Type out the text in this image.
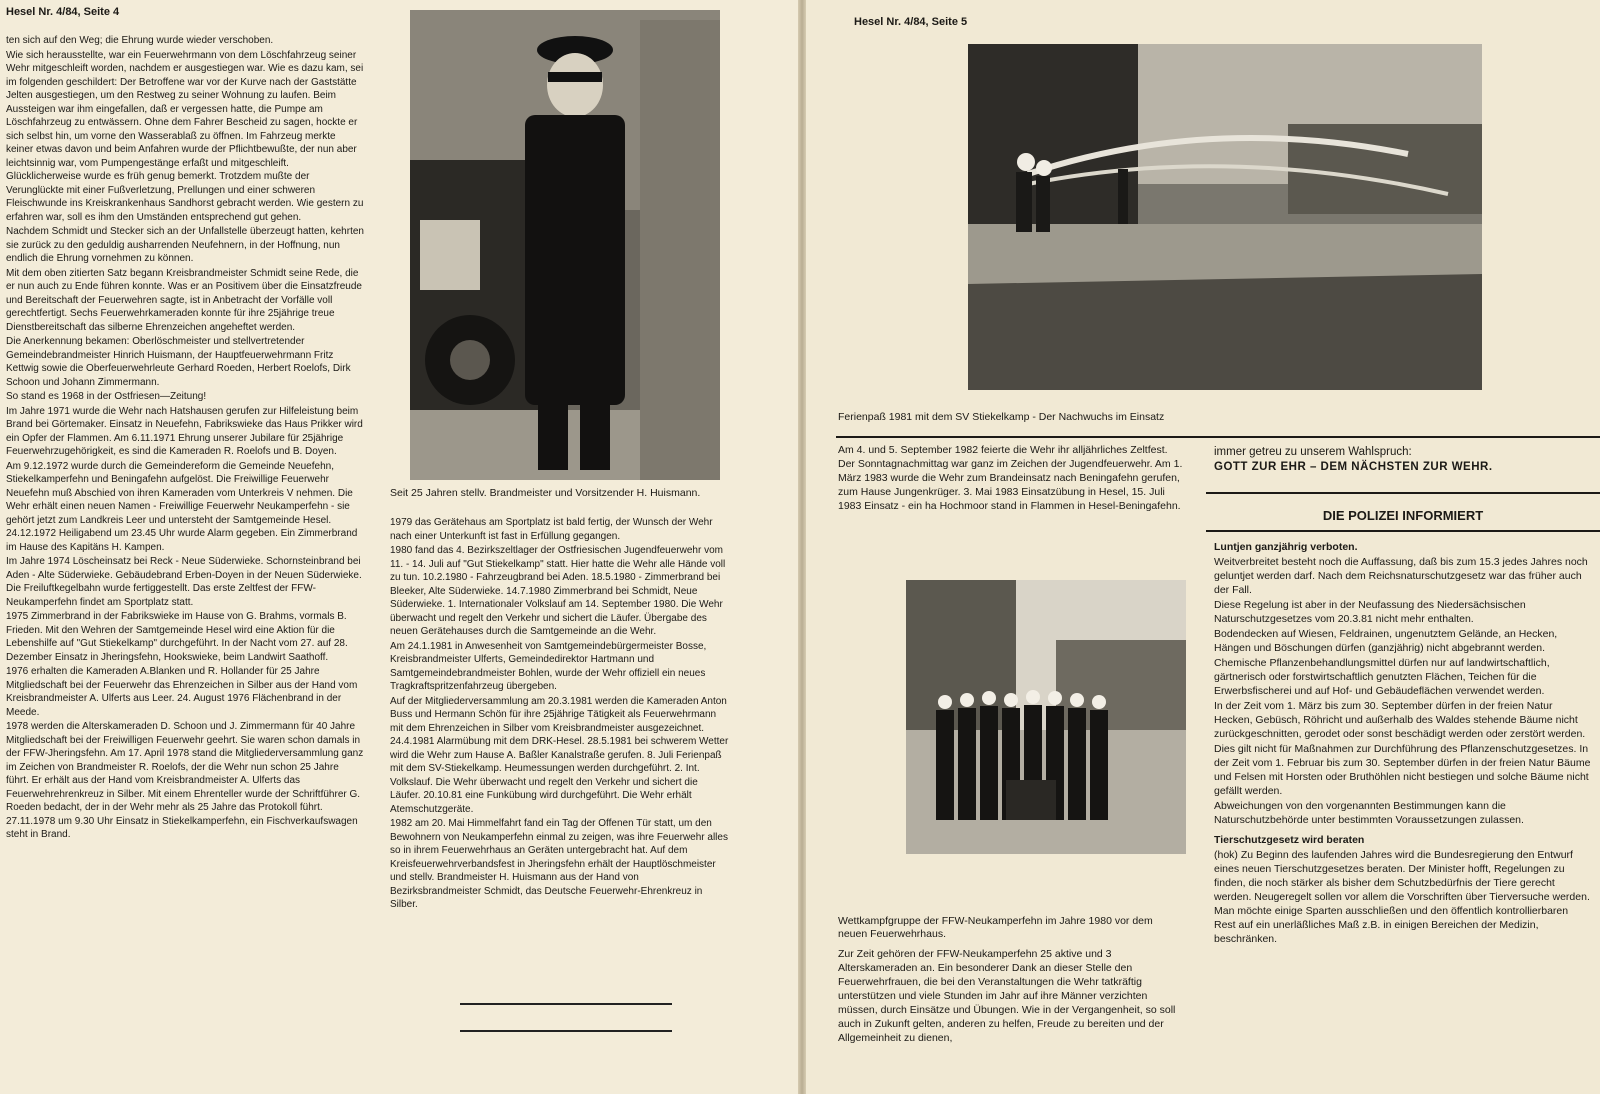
Hesel Nr. 4/84, Seite 4

ten sich auf den Weg; die Ehrung wurde wieder verschoben.

Wie sich herausstellte, war ein Feuerwehrmann von dem Löschfahrzeug seiner Wehr mitgeschleift worden, nachdem er ausgestiegen war. Wie es dazu kam, sei im folgenden geschildert: Der Betroffene war vor der Kurve nach der Gaststätte Jelten ausgestiegen, um den Restweg zu seiner Wohnung zu laufen. Beim Aussteigen war ihm eingefallen, daß er vergessen hatte, die Pumpe am Löschfahrzeug zu entwässern. Ohne dem Fahrer Bescheid zu sagen, hockte er sich selbst hin, um vorne den Wasserablaß zu öffnen. Im Fahrzeug merkte keiner etwas davon und beim Anfahren wurde der Pflichtbewußte, der nun aber leichtsinnig war, vom Pumpengestänge erfaßt und mitgeschleift. Glücklicherweise wurde es früh genug bemerkt. Trotzdem mußte der Verunglückte mit einer Fußverletzung, Prellungen und einer schweren Fleischwunde ins Kreiskrankenhaus Sandhorst gebracht werden. Wie gestern zu erfahren war, soll es ihm den Umständen entsprechend gut gehen.

Nachdem Schmidt und Stecker sich an der Unfallstelle überzeugt hatten, kehrten sie zurück zu den geduldig ausharrenden Neufehnern, in der Hoffnung, nun endlich die Ehrung vornehmen zu können.

Mit dem oben zitierten Satz begann Kreisbrandmeister Schmidt seine Rede, die er nun auch zu Ende führen konnte. Was er an Positivem über die Einsatzfreude und Bereitschaft der Feuerwehren sagte, ist in Anbetracht der Vorfälle voll gerechtfertigt. Sechs Feuerwehrkameraden konnte für ihre 25jährige treue Dienstbereitschaft das silberne Ehrenzeichen angeheftet werden.

Die Anerkennung bekamen: Oberlöschmeister und stellvertretender Gemeindebrandmeister Hinrich Huismann, der Hauptfeuerwehrmann Fritz Kettwig sowie die Oberfeuerwehrleute Gerhard Roeden, Herbert Roelofs, Dirk Schoon und Johann Zimmermann.

So stand es 1968 in der Ostfriesen—Zeitung!

Im Jahre 1971 wurde die Wehr nach Hatshausen gerufen zur Hilfeleistung beim Brand bei Görtemaker. Einsatz in Neuefehn, Fabrikswieke das Haus Prikker wird ein Opfer der Flammen. Am 6.11.1971 Ehrung unserer Jubilare für 25jährige Feuerwehrzugehörigkeit, es sind die Kameraden R. Roelofs und B. Doyen.

Am 9.12.1972 wurde durch die Gemeindereform die Gemeinde Neuefehn, Stiekelkamperfehn und Beningafehn aufgelöst. Die Freiwillige Feuerwehr Neuefehn muß Abschied von ihren Kameraden vom Unterkreis V nehmen. Die Wehr erhält einen neuen Namen - Freiwillige Feuerwehr Neukamperfehn - sie gehört jetzt zum Landkreis Leer und untersteht der Samtgemeinde Hesel. 24.12.1972 Heiligabend um 23.45 Uhr wurde Alarm gegeben. Ein Zimmerbrand im Hause des Kapitäns H. Kampen.

Im Jahre 1974 Löscheinsatz bei Reck - Neue Süderwieke. Schornsteinbrand bei Aden - Alte Süderwieke. Gebäudebrand Erben-Doyen in der Neuen Süderwieke. Die Freiluftkegelbahn wurde fertiggestellt. Das erste Zeltfest der FFW-Neukamperfehn findet am Sportplatz statt.

1975 Zimmerbrand in der Fabrikswieke im Hause von G. Brahms, vormals B. Frieden. Mit den Wehren der Samtgemeinde Hesel wird eine Aktion für die Lebenshilfe auf "Gut Stiekelkamp" durchgeführt. In der Nacht vom 27. auf 28. Dezember Einsatz in Jheringsfehn, Hookswieke, beim Landwirt Saathoff.

1976 erhalten die Kameraden A.Blanken und R. Hollander für 25 Jahre Mitgliedschaft bei der Feuerwehr das Ehrenzeichen in Silber aus der Hand vom Kreisbrandmeister A. Ulferts aus Leer. 24. August 1976 Flächenbrand in der Meede.

1978 werden die Alterskameraden D. Schoon und J. Zimmermann für 40 Jahre Mitgliedschaft bei der Freiwilligen Feuerwehr geehrt. Sie waren schon damals in der FFW-Jheringsfehn. Am 17. April 1978 stand die Mitgliederversammlung ganz im Zeichen von Brandmeister R. Roelofs, der die Wehr nun schon 25 Jahre führt. Er erhält aus der Hand vom Kreisbrandmeister A. Ulferts das Feuerwehrehrenkreuz in Silber. Mit einem Ehrenteller wurde der Schriftführer G. Roeden bedacht, der in der Wehr mehr als 25 Jahre das Protokoll führt. 27.11.1978 um 9.30 Uhr Einsatz in Stiekelkamperfehn, ein Fischverkaufswagen steht in Brand.

Seit 25 Jahren stellv. Brandmeister und Vorsitzender H. Huismann.

1979 das Gerätehaus am Sportplatz ist bald fertig, der Wunsch der Wehr nach einer Unterkunft ist fast in Erfüllung gegangen.

1980 fand das 4. Bezirkszeltlager der Ostfriesischen Jugendfeuerwehr vom 11. - 14. Juli auf "Gut Stiekelkamp" statt. Hier hatte die Wehr alle Hände voll zu tun. 10.2.1980 - Fahrzeugbrand bei Aden. 18.5.1980 - Zimmerbrand bei Bleeker, Alte Süderwieke. 14.7.1980 Zimmerbrand bei Schmidt, Neue Süderwieke. 1. Internationaler Volkslauf am 14. September 1980. Die Wehr überwacht und regelt den Verkehr und sichert die Läufer. Übergabe des neuen Gerätehauses durch die Samtgemeinde an die Wehr.

Am 24.1.1981 in Anwesenheit von Samtgemeindebürgermeister Bosse, Kreisbrandmeister Ulferts, Gemeindedirektor Hartmann und Samtgemeindebrandmeister Bohlen, wurde der Wehr offiziell ein neues Tragkraftspritzenfahrzeug übergeben.

Auf der Mitgliederversammlung am 20.3.1981 werden die Kameraden Anton Buss und Hermann Schön für ihre 25jährige Tätigkeit als Feuerwehrmann mit dem Ehrenzeichen in Silber vom Kreisbrandmeister ausgezeichnet. 24.4.1981 Alarmübung mit dem DRK-Hesel. 28.5.1981 bei schwerem Wetter wird die Wehr zum Hause A. Baßler Kanalstraße gerufen. 8. Juli Ferienpaß mit dem SV-Stiekelkamp. Heumessungen werden durchgeführt. 2. Int. Volkslauf. Die Wehr überwacht und regelt den Verkehr und sichert die Läufer. 20.10.81 eine Funkübung wird durchgeführt. Die Wehr erhält Atemschutzgeräte.

1982 am 20. Mai Himmelfahrt fand ein Tag der Offenen Tür statt, um den Bewohnern von Neukamperfehn einmal zu zeigen, was ihre Feuerwehr alles so in ihrem Feuerwehrhaus an Geräten untergebracht hat. Auf dem Kreisfeuerwehrverbandsfest in Jheringsfehn erhält der Hauptlöschmeister und stellv. Brandmeister H. Huismann aus der Hand von Bezirksbrandmeister Schmidt, das Deutsche Feuerwehr-Ehrenkreuz in Silber.

Hesel Nr. 4/84, Seite 5
Ferienpaß 1981 mit dem SV Stiekelkamp - Der Nachwuchs im Einsatz

Am 4. und 5. September 1982 feierte die Wehr ihr alljährliches Zeltfest. Der Sonntagnachmittag war ganz im Zeichen der Jugendfeuerwehr. Am 1. März 1983 wurde die Wehr zum Brandeinsatz nach Beningafehn gerufen, zum Hause Jungenkrüger. 3. Mai 1983 Einsatzübung in Hesel, 15. Juli 1983 Einsatz - ein ha Hochmoor stand in Flammen in Hesel-Beningafehn.

Wettkampfgruppe der FFW-Neukamperfehn im Jahre 1980 vor dem neuen Feuerwehrhaus.

Zur Zeit gehören der FFW-Neukamperfehn 25 aktive und 3 Alterskameraden an. Ein besonderer Dank an dieser Stelle den Feuerwehrfrauen, die bei den Veranstaltungen die Wehr tatkräftig unterstützen und viele Stunden im Jahr auf ihre Männer verzichten müssen, durch Einsätze und Übungen. Wie in der Vergangenheit, so soll auch in Zukunft gelten, anderen zu helfen, Freude zu bereiten und der Allgemeinheit zu dienen,

immer getreu zu unserem Wahlspruch:
GOTT ZUR EHR – DEM NÄCHSTEN ZUR WEHR.
DIE POLIZEI INFORMIERT

Luntjen ganzjährig verboten.

Weitverbreitet besteht noch die Auffassung, daß bis zum 15.3 jedes Jahres noch geluntjet werden darf. Nach dem Reichsnaturschutzgesetz war das früher auch der Fall.

Diese Regelung ist aber in der Neufassung des Niedersächsischen Naturschutzgesetzes vom 20.3.81 nicht mehr enthalten.

Bodendecken auf Wiesen, Feldrainen, ungenutztem Gelände, an Hecken, Hängen und Böschungen dürfen (ganzjährig) nicht abgebrannt werden.

Chemische Pflanzenbehandlungsmittel dürfen nur auf landwirtschaftlich, gärtnerisch oder forstwirtschaftlich genutzten Flächen, Teichen für die Erwerbsfischerei und auf Hof- und Gebäudeflächen verwendet werden.

In der Zeit vom 1. März bis zum 30. September dürfen in der freien Natur Hecken, Gebüsch, Röhricht und außerhalb des Waldes stehende Bäume nicht zurückgeschnitten, gerodet oder sonst beschädigt werden oder zerstört werden.

Dies gilt nicht für Maßnahmen zur Durchführung des Pflanzenschutzgesetzes. In der Zeit vom 1. Februar bis zum 30. September dürfen in der freien Natur Bäume und Felsen mit Horsten oder Bruthöhlen nicht bestiegen und solche Bäume nicht gefällt werden.

Abweichungen von den vorgenannten Bestimmungen kann die Naturschutzbehörde unter bestimmten Voraussetzungen zulassen.

Tierschutzgesetz wird beraten

(hok) Zu Beginn des laufenden Jahres wird die Bundesregierung den Entwurf eines neuen Tierschutzgesetzes beraten. Der Minister hofft, Regelungen zu finden, die noch stärker als bisher dem Schutzbedürfnis der Tiere gerecht werden. Neugeregelt sollen vor allem die Vorschriften über Tierversuche werden. Man möchte einige Sparten ausschließen und den öffentlich kontrollierbaren Rest auf ein unerläßliches Maß z.B. in einigen Bereichen der Medizin, beschränken.
